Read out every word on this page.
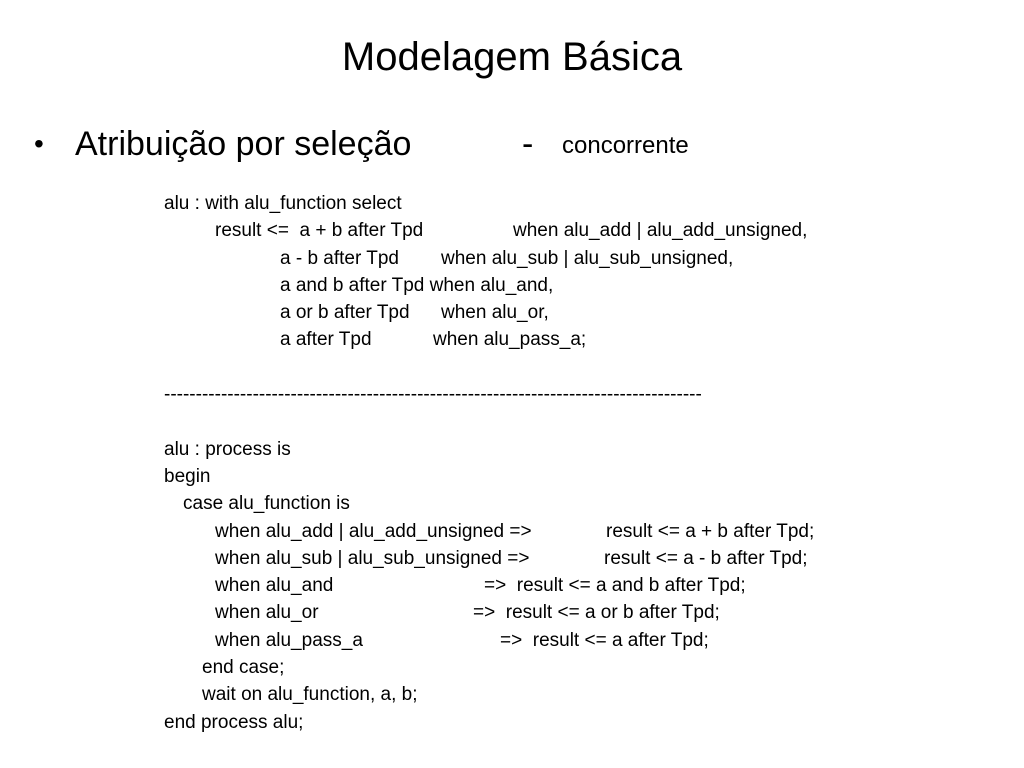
Modelagem Básica
• Atribuição por seleção	- concorrente

alu : with alu_function select

result <=  a + b after Tpd

	when alu_add | alu_add_unsigned,

a - b after Tpd

when alu_sub | alu_sub_unsigned,

a and b after Tpd when alu_and,

a or b after Tpd

when alu_or,

a after Tpd

	when alu_pass_a;

-------------------------------------------------------------------------------------

alu : process is

begin

case alu_function is

when alu_add | alu_add_unsigned =>

	result <= a + b after Tpd;

when alu_sub | alu_sub_unsigned =>

	result <= a - b after Tpd;

when alu_and

	=>  result <= a and b after Tpd;

when alu_or

	=>  result <= a or b after Tpd;

when alu_pass_a

	=>  result <= a after Tpd;

end case;

wait on alu_function, a, b;

end process alu;
